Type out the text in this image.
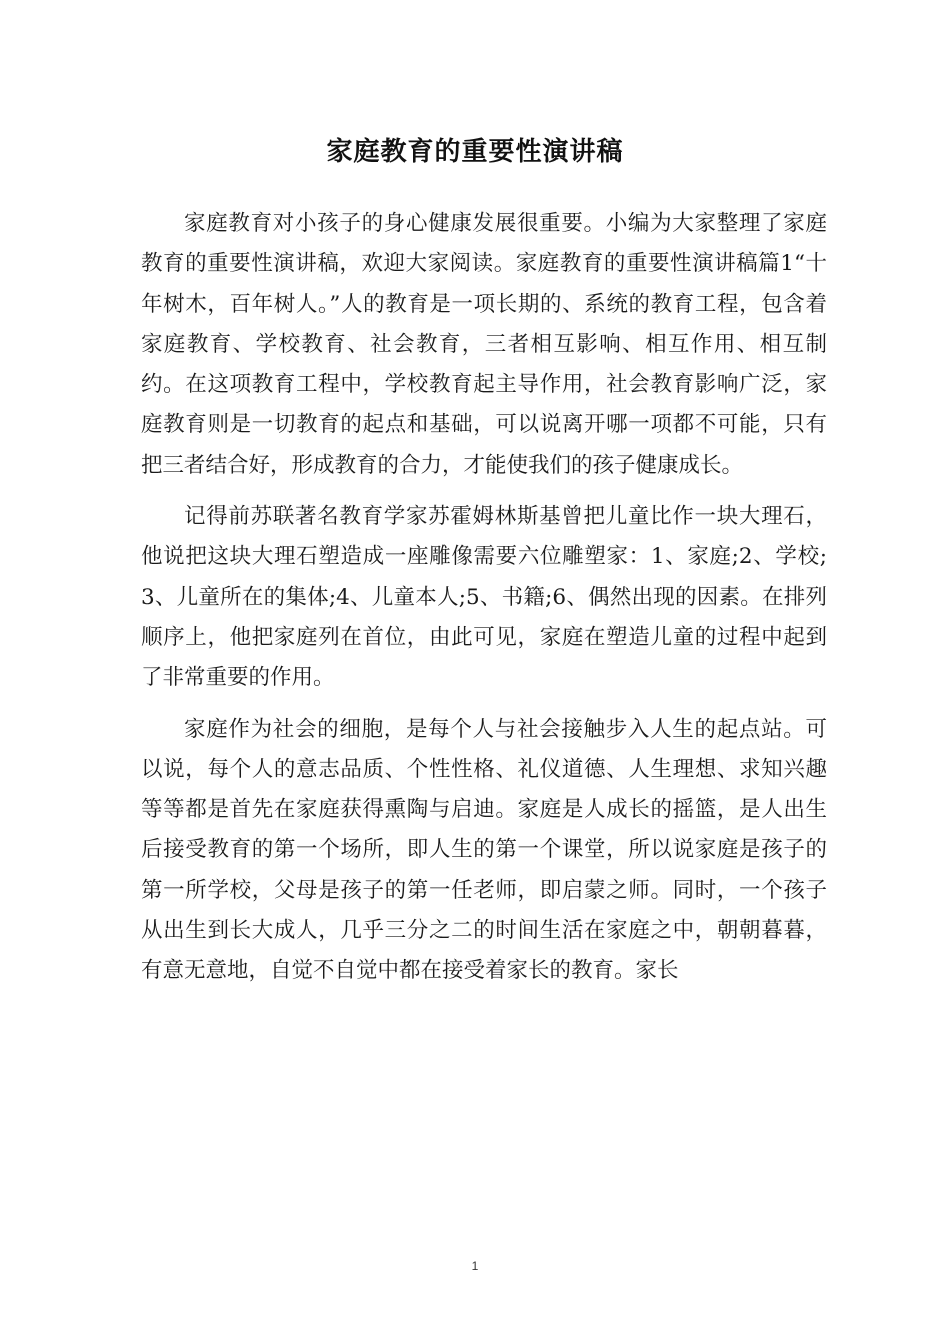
家庭教育的重要性演讲稿

家庭教育对小孩子的身心健康发展很重要。小编为大家整理了家庭教育的重要性演讲稿，欢迎大家阅读。家庭教育的重要性演讲稿篇1“十年树木，百年树人。”人的教育是一项长期的、系统的教育工程，包含着家庭教育、学校教育、社会教育，三者相互影响、相互作用、相互制约。在这项教育工程中，学校教育起主导作用，社会教育影响广泛，家庭教育则是一切教育的起点和基础，可以说离开哪一项都不可能，只有把三者结合好，形成教育的合力，才能使我们的孩子健康成长。

记得前苏联著名教育学家苏霍姆林斯基曾把儿童比作一块大理石，他说把这块大理石塑造成一座雕像需要六位雕塑家：1、家庭;2、学校;3、儿童所在的集体;4、儿童本人;5、书籍;6、偶然出现的因素。在排列顺序上，他把家庭列在首位，由此可见，家庭在塑造儿童的过程中起到了非常重要的作用。

家庭作为社会的细胞，是每个人与社会接触步入人生的起点站。可以说，每个人的意志品质、个性性格、礼仪道德、人生理想、求知兴趣等等都是首先在家庭获得熏陶与启迪。家庭是人成长的摇篮，是人出生后接受教育的第一个场所，即人生的第一个课堂，所以说家庭是孩子的第一所学校，父母是孩子的第一任老师，即启蒙之师。同时，一个孩子从出生到长大成人，几乎三分之二的时间生活在家庭之中，朝朝暮暮，有意无意地，自觉不自觉中都在接受着家长的教育。家长

1
